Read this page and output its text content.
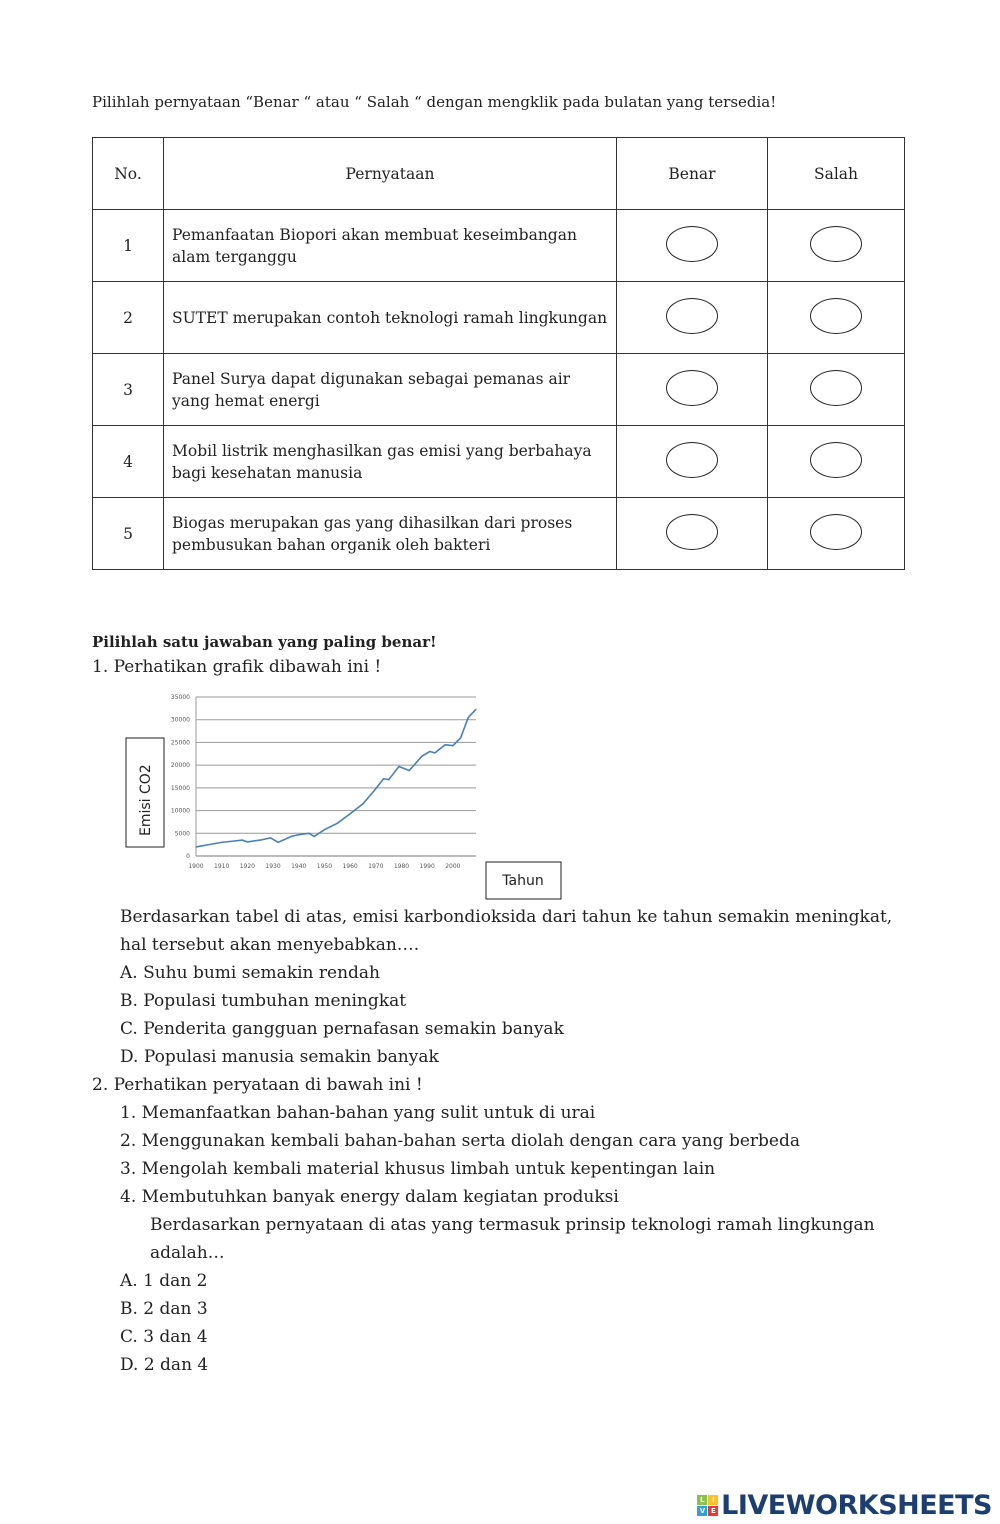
Pilihlah pernyataan “Benar “ atau “ Salah “ dengan mengklik pada bulatan yang tersedia!
No.	Pernyataan	Benar	Salah
1	Pemanfaatan Biopori akan membuat keseimbangan alam terganggu		
2	SUTET merupakan contoh teknologi ramah lingkungan		
3	Panel Surya dapat digunakan sebagai pemanas air yang hemat energi		
4	Mobil listrik menghasilkan gas emisi yang berbahaya bagi kesehatan manusia		
5	Biogas merupakan gas yang dihasilkan dari proses pembusukan bahan organik oleh bakteri		
Pilihlah satu jawaban yang paling benar!
1. Perhatikan grafik dibawah ini !
0
5000
10000
15000
20000
25000
30000
35000
1900 1910 1920 1930 1940 1950 1960 1970 1980 1990 2000
Emisi CO2
Tahun
Berdasarkan tabel di atas, emisi karbondioksida dari tahun ke tahun semakin meningkat, hal tersebut akan menyebabkan….
A. Suhu bumi semakin rendah
B. Populasi tumbuhan meningkat
C. Penderita gangguan pernafasan semakin banyak
D. Populasi manusia semakin banyak
2. Perhatikan peryataan di bawah ini !
1. Memanfaatkan bahan-bahan yang sulit untuk di urai
2. Menggunakan kembali bahan-bahan serta diolah dengan cara yang berbeda
3. Mengolah kembali material khusus limbah untuk kepentingan lain
4. Membutuhkan banyak energy dalam kegiatan produksi
Berdasarkan pernyataan di atas yang termasuk prinsip teknologi ramah lingkungan
adalah…
A. 1 dan 2
B. 2 dan 3
C. 3 dan 4
D. 2 dan 4
L	I
V E LIVEWORKSHEETS
